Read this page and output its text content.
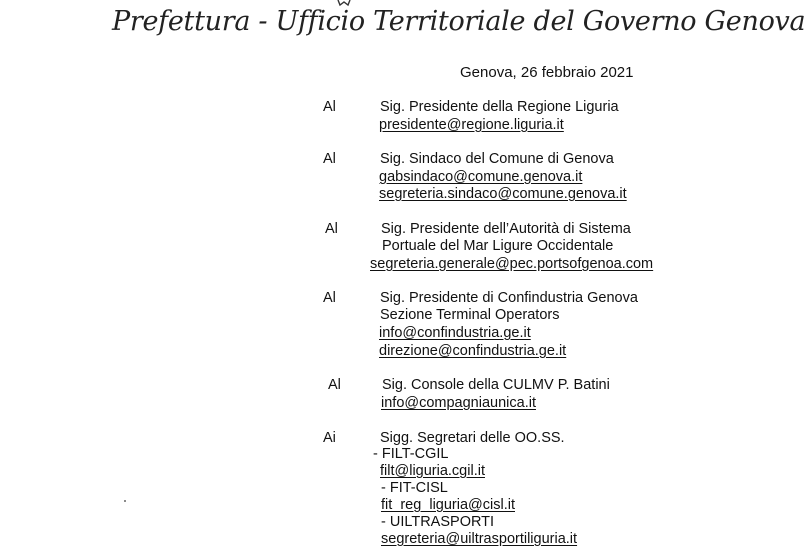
Prefettura - Ufficio Territoriale del Governo Genova
Genova, 26 febbraio 2021
Al	Sig. Presidente della Regione Liguria
presidente@regione.liguria.it
Al	Sig. Sindaco del Comune di Genova
gabsindaco@comune.genova.it
segreteria.sindaco@comune.genova.it
Al	Sig. Presidente dell’Autorità di Sistema
Portuale del Mar Ligure Occidentale
segreteria.generale@pec.portsofgenoa.com
Al	Sig. Presidente di Confindustria Genova
Sezione Terminal Operators
info@confindustria.ge.it
direzione@confindustria.ge.it
Al	Sig. Console della CULMV P. Batini
info@compagniaunica.it
Ai	Sigg. Segretari delle OO.SS.
- FILT-CGIL
filt@liguria.cgil.it
- FIT-CISL
fit_reg_liguria@cisl.it
- UILTRASPORTI
segreteria@uiltrasportiliguria.it
